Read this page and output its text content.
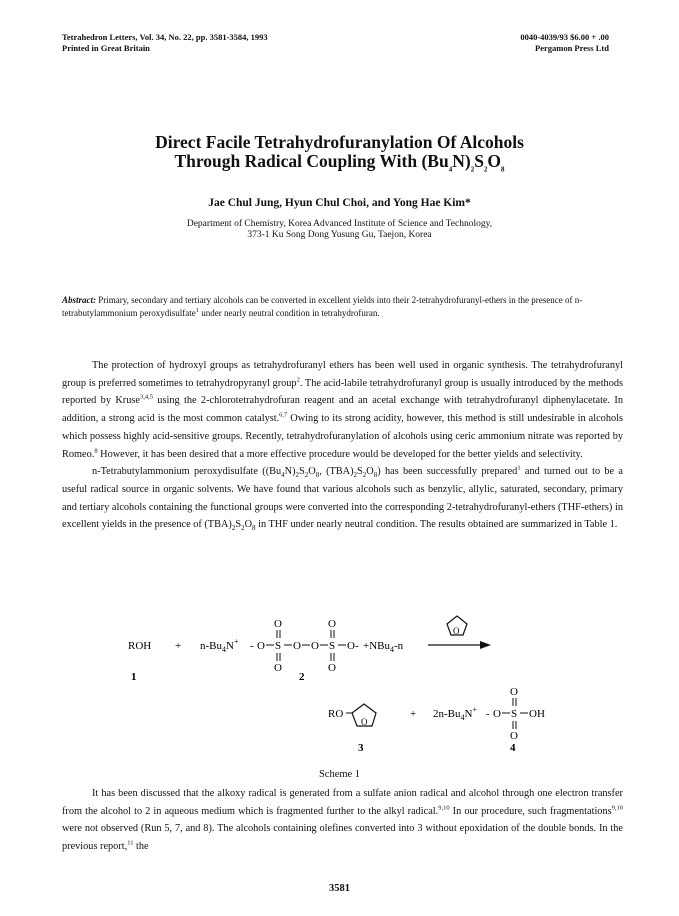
Tetrahedron Letters, Vol. 34, No. 22, pp. 3581-3584, 1993
Printed in Great Britain
0040-4039/93 $6.00 + .00
Pergamon Press Ltd
Direct Facile Tetrahydrofuranylation Of Alcohols
Through Radical Coupling With $(Bu_4N)_2S_2O_8$
Jae Chul Jung, Hyun Chul Choi, and Yong Hae Kim*
Department of Chemistry, Korea Advanced Institute of Science and Technology,
373-1 Ku Song Dong Yusung Gu, Taejon, Korea
Abstract: Primary, secondary and tertiary alcohols can be converted in excellent yields into their 2-tetrahydrofuranyl-ethers in the presence of n-tetrabutylammonium peroxydisulfate$^1$ under nearly neutral condition in tetrahydrofuran.

The protection of hydroxyl groups as tetrahydrofuranyl ethers has been well used in organic synthesis. The tetrahydrofuranyl group is preferred sometimes to tetrahydropyranyl group$^2$. The acid-labile tetrahydrofuranyl group is usually introduced by the methods reported by Kruse$^{3,4,5}$ using the 2-chlorotetrahydrofuran reagent and an acetal exchange with tetrahydrofuranyl diphenylacetate. In addition, a strong acid is the most common catalyst.$^{6,7}$ Owing to its strong acidity, however, this method is still undesirable in alcohols which possess highly acid-sensitive groups. Recently, tetrahydrofuranylation of alcohols using ceric ammonium nitrate was reported by Romeo.$^8$ However, it has been desired that a more effective procedure would be developed for the better yields and selectivity.

n-Tetrabutylammonium peroxydisulfate ($(Bu_4N)_2S_2O_8$, $(TBA)_2S_2O_8$) has been successfully prepared$^1$ and turned out to be a useful radical source in organic solvents. We have found that various alcohols such as benzylic, allylic, saturated, secondary, primary and tertiary alcohols containing the functional groups were converted into the corresponding 2-tetrahydrofuranyl-ethers (THF-ethers) in excellent yields in the presence of $(TBA)_2S_2O_8$ in THF under nearly neutral condition. The results obtained are summarized in Table 1.

ROH + $n-Bu_4N^+$ - O S
O
O
O O S
O
O
O - +NBu$_4$-n
1	2
O
RO
O
+ $2n-Bu_4N^+$ - O S
O
O
OH
3	4
Scheme 1

It has been discussed that the alkoxy radical is generated from a sulfate anion radical and alcohol through one electron transfer from the alcohol to 2 in aqueous medium which is fragmented further to the alkyl radical.$^{9,10}$ In our procedure, such fragmentations$^{9,10}$ were not observed (Run 5, 7, and 8). The alcohols containing olefines converted into 3 without epoxidation of the double bonds. In the previous report,$^{11}$ the

3581
